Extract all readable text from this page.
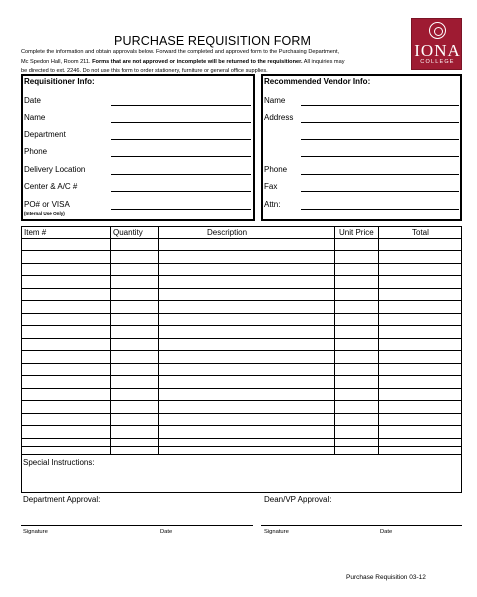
PURCHASE REQUISITION FORM
Complete the information and obtain approvals below. Forward the completed and approved form to the Purchasing Department,
Mc Spedon Hall, Room 211. Forms that are not approved or incomplete will be returned to the requisitioner. All inquiries may
be directed to ext. 2246. Do not use this form to order stationery, furniture or general office supplies.
IONA
COLLEGE
Requisitioner Info:
Date
Name
Department
Phone
Delivery Location
Center & A/C #
PO# or VISA
(Internal Use Only)
Recommended Vendor Info:
Name
Address
Phone
Fax
Attn:
Item #	Quantity	Description	Unit Price	Total
Special Instructions:
Department Approval:	Dean/VP Approval:
Signature	Date	Signature	Date
Purchase Requisition 03-12
